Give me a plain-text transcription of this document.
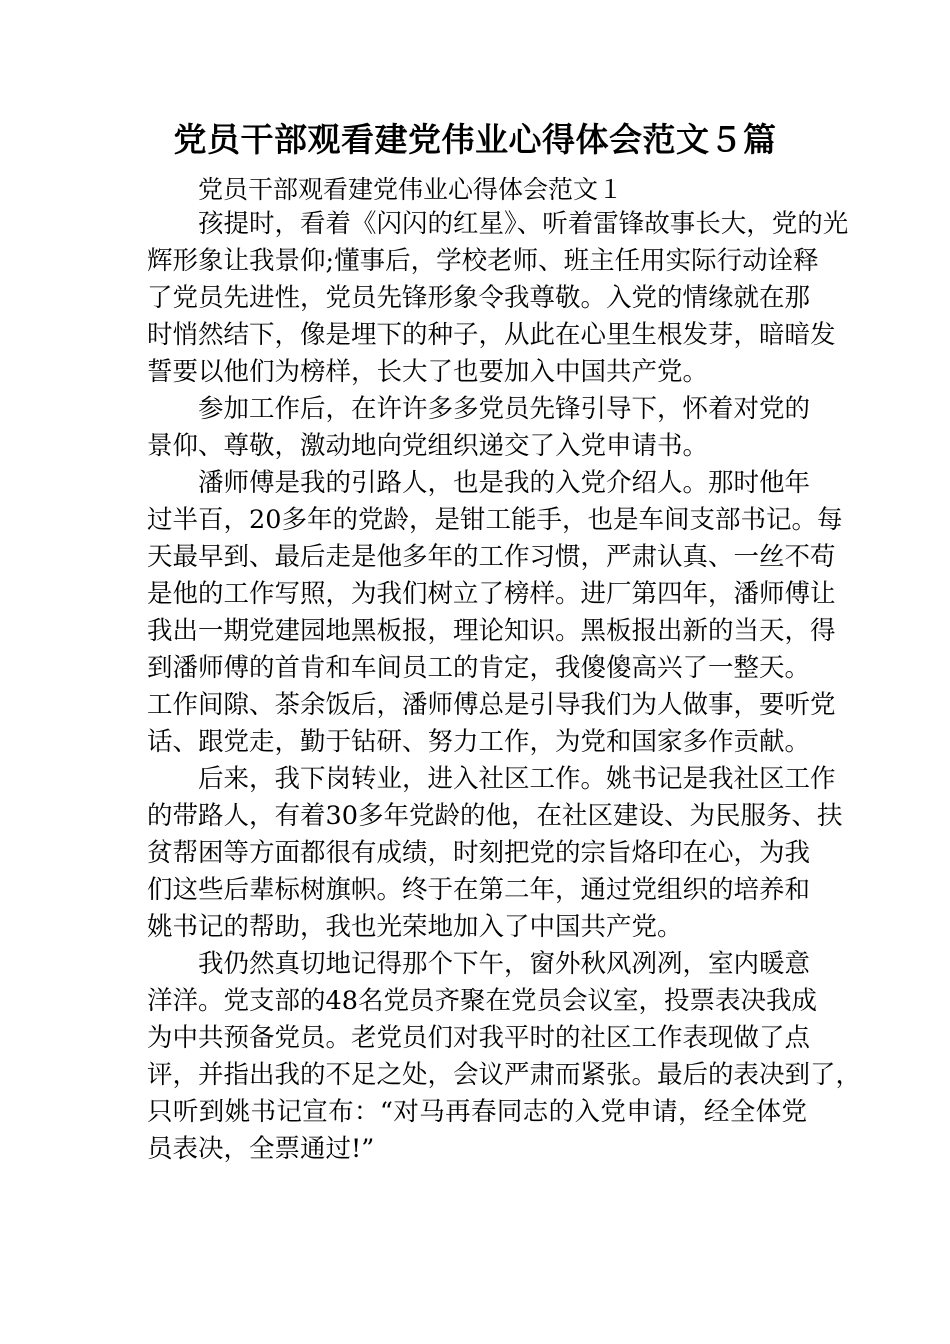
党员干部观看建党伟业心得体会范文５篇
党员干部观看建党伟业心得体会范文１
孩提时，看着《闪闪的红星》、听着雷锋故事长大，党的光
辉形象让我景仰;懂事后，学校老师、班主任用实际行动诠释
了党员先进性，党员先锋形象令我尊敬。入党的情缘就在那
时悄然结下，像是埋下的种子，从此在心里生根发芽，暗暗发
誓要以他们为榜样，长大了也要加入中国共产党。
参加工作后，在许许多多党员先锋引导下，怀着对党的
景仰、尊敬，激动地向党组织递交了入党申请书。
潘师傅是我的引路人，也是我的入党介绍人。那时他年
过半百，20多年的党龄，是钳工能手，也是车间支部书记。每
天最早到、最后走是他多年的工作习惯，严肃认真、一丝不苟
是他的工作写照，为我们树立了榜样。进厂第四年，潘师傅让
我出一期党建园地黑板报，理论知识。黑板报出新的当天，得
到潘师傅的首肯和车间员工的肯定，我傻傻高兴了一整天。
工作间隙、茶余饭后，潘师傅总是引导我们为人做事，要听党
话、跟党走，勤于钻研、努力工作，为党和国家多作贡献。
后来，我下岗转业，进入社区工作。姚书记是我社区工作
的带路人，有着30多年党龄的他，在社区建设、为民服务、扶
贫帮困等方面都很有成绩，时刻把党的宗旨烙印在心，为我
们这些后辈标树旗帜。终于在第二年，通过党组织的培养和
姚书记的帮助，我也光荣地加入了中国共产党。
我仍然真切地记得那个下午，窗外秋风冽冽，室内暖意
洋洋。党支部的48名党员齐聚在党员会议室，投票表决我成
为中共预备党员。老党员们对我平时的社区工作表现做了点
评，并指出我的不足之处，会议严肃而紧张。最后的表决到了，
只听到姚书记宣布：“对马再春同志的入党申请，经全体党
员表决，全票通过!”
